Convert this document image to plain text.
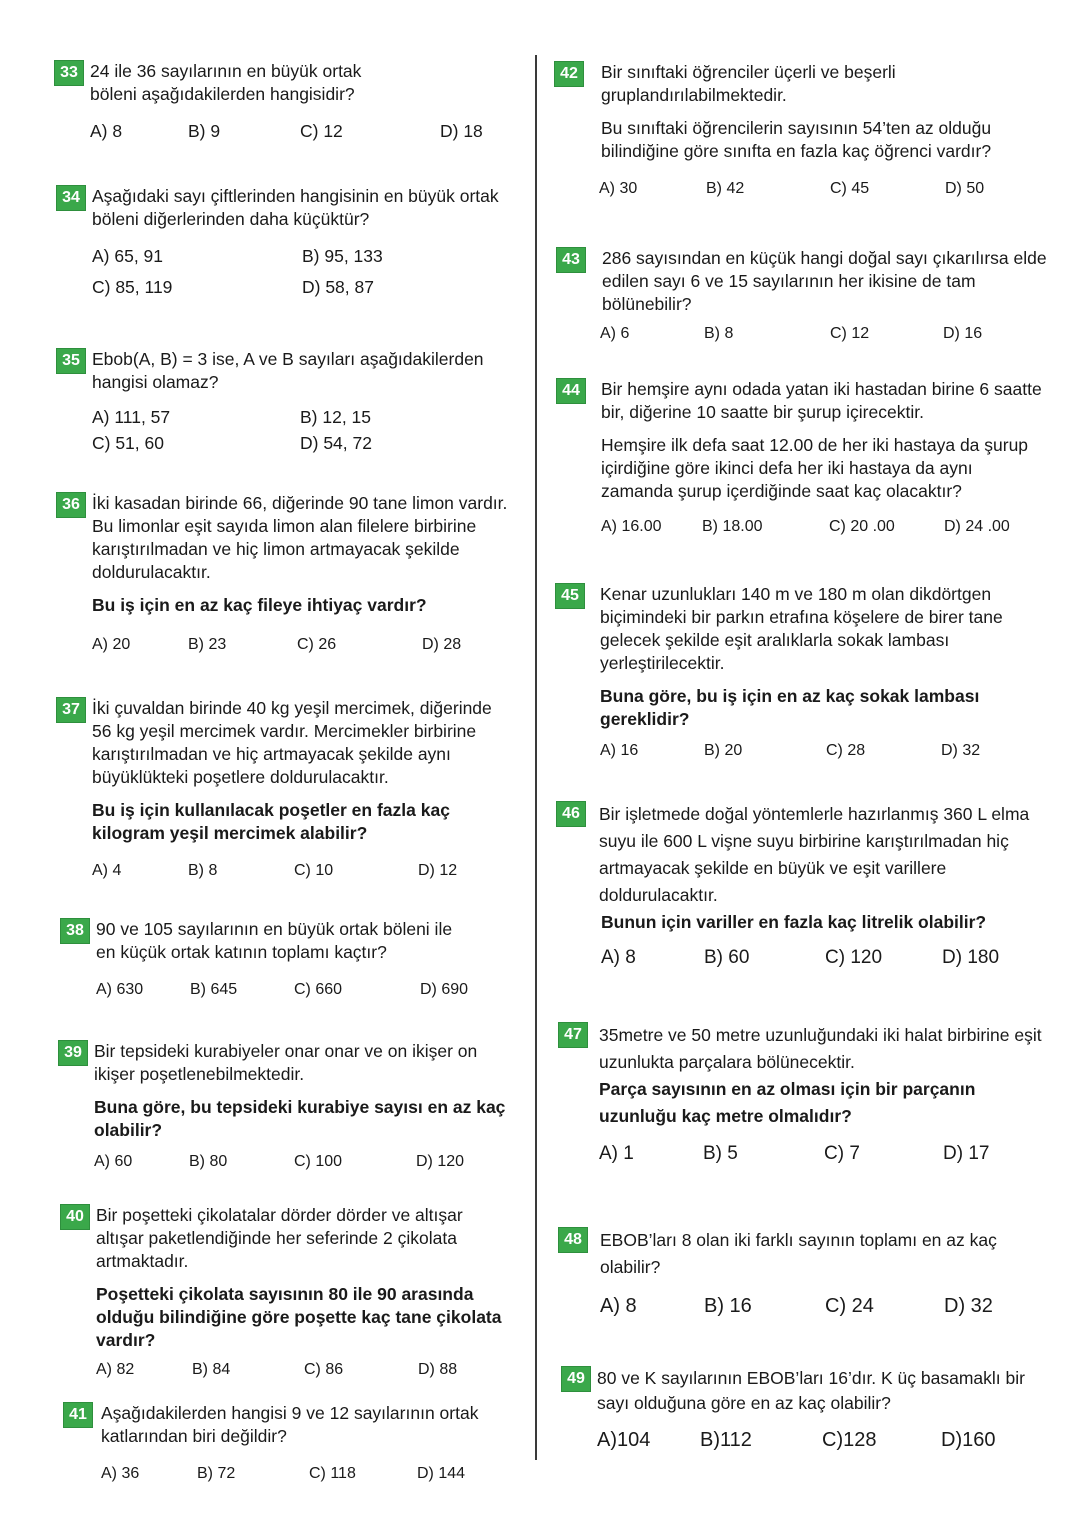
33 24 ile 36 sayılarının en büyük ortak
böleni aşağıdakilerden hangisidir?
A) 8	B) 9	C) 12	D) 18
34 Aşağıdaki sayı çiftlerinden hangisinin en büyük ortak
böleni diğerlerinden daha küçüktür?
A) 65, 91	B) 95, 133
C) 85, 119	D) 58, 87
35 Ebob(A, B) = 3 ise, A ve B sayıları aşağıdakilerden
hangisi olamaz?
A) 111, 57	B) 12, 15
C) 51, 60	D) 54, 72
36 İki kasadan birinde 66, diğerinde 90 tane limon vardır.
Bu limonlar eşit sayıda limon alan filelere birbirine
karıştırılmadan ve hiç limon artmayacak şekilde
doldurulacaktır.
Bu iş için en az kaç fileye ihtiyaç vardır?
A) 20	B) 23	C) 26	D) 28
37 İki çuvaldan birinde 40 kg yeşil mercimek, diğerinde
56 kg yeşil mercimek vardır. Mercimekler birbirine
karıştırılmadan ve hiç artmayacak şekilde aynı
büyüklükteki poşetlere doldurulacaktır.
Bu iş için kullanılacak poşetler en fazla kaç
kilogram yeşil mercimek alabilir?
A) 4	B) 8	C) 10	D) 12
38 90 ve 105 sayılarının en büyük ortak böleni ile
en küçük ortak katının toplamı kaçtır?
A) 630	B) 645	C) 660	D) 690
39 Bir tepsideki kurabiyeler onar onar ve on ikişer on
ikişer poşetlenebilmektedir.
Buna göre, bu tepsideki kurabiye sayısı en az kaç
olabilir?
A) 60	B) 80	C) 100	D) 120
40 Bir poşetteki çikolatalar dörder dörder ve altışar
altışar paketlendiğinde her seferinde 2 çikolata
artmaktadır.
Poşetteki çikolata sayısının 80 ile 90 arasında
olduğu bilindiğine göre poşette kaç tane çikolata
vardır?
A) 82	B) 84	C) 86	D) 88
41 Aşağıdakilerden hangisi 9 ve 12 sayılarının ortak
katlarından biri değildir?
A) 36	B) 72	C) 118	D) 144
42	Bir sınıftaki öğrenciler üçerli ve beşerli
gruplandırılabilmektedir.
Bu sınıftaki öğrencilerin sayısının 54’ten az olduğu
bilindiğine göre sınıfta en fazla kaç öğrenci vardır?
A) 30	B) 42	C) 45	D) 50
43	286 sayısından en küçük hangi doğal sayı çıkarılırsa elde
edilen sayı 6 ve 15 sayılarının her ikisine de tam
bölünebilir?
A) 6	B) 8	C) 12	D) 16
44	Bir hemşire aynı odada yatan iki hastadan birine 6 saatte
bir, diğerine 10 saatte bir şurup içirecektir.
Hemşire ilk defa saat 12.00 de her iki hastaya da şurup
içirdiğine göre ikinci defa her iki hastaya da aynı
zamanda şurup içerdiğinde saat kaç olacaktır?
A) 16.00	B) 18.00	C) 20 .00	D) 24 .00
45	Kenar uzunlukları 140 m ve 180 m olan dikdörtgen
biçimindeki bir parkın etrafına köşelere de birer tane
gelecek şekilde eşit aralıklarla sokak lambası
yerleştirilecektir.
Buna göre, bu iş için en az kaç sokak lambası
gereklidir?
A) 16	B) 20	C) 28	D) 32
46	Bir işletmede doğal yöntemlerle hazırlanmış 360 L elma
suyu ile 600 L vişne suyu birbirine karıştırılmadan hiç
artmayacak şekilde en büyük ve eşit varillere
doldurulacaktır.
Bunun için variller en fazla kaç litrelik olabilir?
A) 8	B) 60	C) 120	D) 180
47 35metre ve 50 metre uzunluğundaki iki halat birbirine eşit
uzunlukta parçalara bölünecektir.
Parça sayısının en az olması için bir parçanın
uzunluğu kaç metre olmalıdır?
A) 1	B) 5	C) 7	D) 17
48	EBOB’ları 8 olan iki farklı sayının toplamı en az kaç
olabilir?
A) 8	B) 16	C) 24	D) 32
49 80 ve K sayılarının EBOB’ları 16’dır. K üç basamaklı bir
sayı olduğuna göre en az kaç olabilir?
A)104 B)112	C)128	D)160
